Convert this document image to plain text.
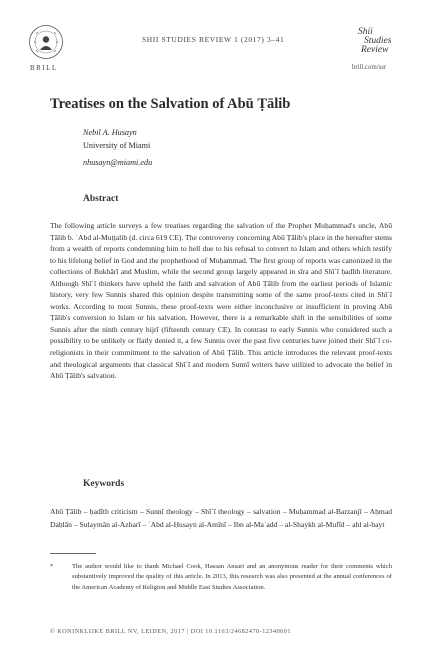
BRILL
SHII STUDIES REVIEW 1 (2017) 3–41
Shii
Studies
Review
brill.com/ssr
Treatises on the Salvation of Abū Ṭālib
Nebil A. Husayn
University of Miami
nhusayn@miami.edu
Abstract

The following article surveys a few treatises regarding the salvation of the Prophet Muḥammad's uncle, Abū Ṭālib b. ʿAbd al-Muṭṭalib (d. circa 619 CE). The controversy concerning Abū Ṭālib's place in the hereafter stems from a wealth of reports condemning him to hell due to his refusal to convert to Islam and others which testify to his lifelong belief in God and the prophethood of Muḥammad. The first group of reports was canonized in the collections of Bukhārī and Muslim, while the second group largely appeared in sīra and Shīʿī ḥadīth literature. Although Shīʿī thinkers have upheld the faith and salvation of Abū Ṭālib from the earliest periods of Islamic history, very few Sunnis shared this opinion despite transmitting some of the same proof-texts cited in Shīʿī works. According to most Sunnis, these proof-texts were either inconclusive or insufficient in proving Abū Ṭālib's conversion to Islam or his salvation. However, there is a remarkable shift in the sensibilities of some Sunnis after the ninth century hijrī (fifteenth century CE). In contrast to early Sunnis who considered such a possibility to be unlikely or flatly denied it, a few Sunnis over the past five centuries have joined their Shīʿī co-religionists in their commitment to the salvation of Abū Ṭālib. This article introduces the relevant proof-texts and theological arguments that classical Shīʿī and modern Sunnī writers have utilized to advocate the belief in Abū Ṭālib's salvation.

Keywords
Abū Ṭālib – ḥadīth criticism – Sunnī theology – Shīʿī theology – salvation – Muḥammad al-Barzanjī – Aḥmad Daḥlān – Sulaymān al-Azharī – ʿAbd al-Ḥusayn al-Amīnī – Ibn al-Maʿadd – al-Shaykh al-Mufīd – ahl al-bayt
*	The author would like to thank Michael Cook, Hassan Ansari and an anonymous reader for their comments which substantively improved the quality of this article. In 2013, this research was also presented at the annual conferences of the American Academy of Religion and Middle East Studies Association.
© KONINKLIJKE BRILL NV, LEIDEN, 2017 | DOI 10.1163/24682470-12340001
